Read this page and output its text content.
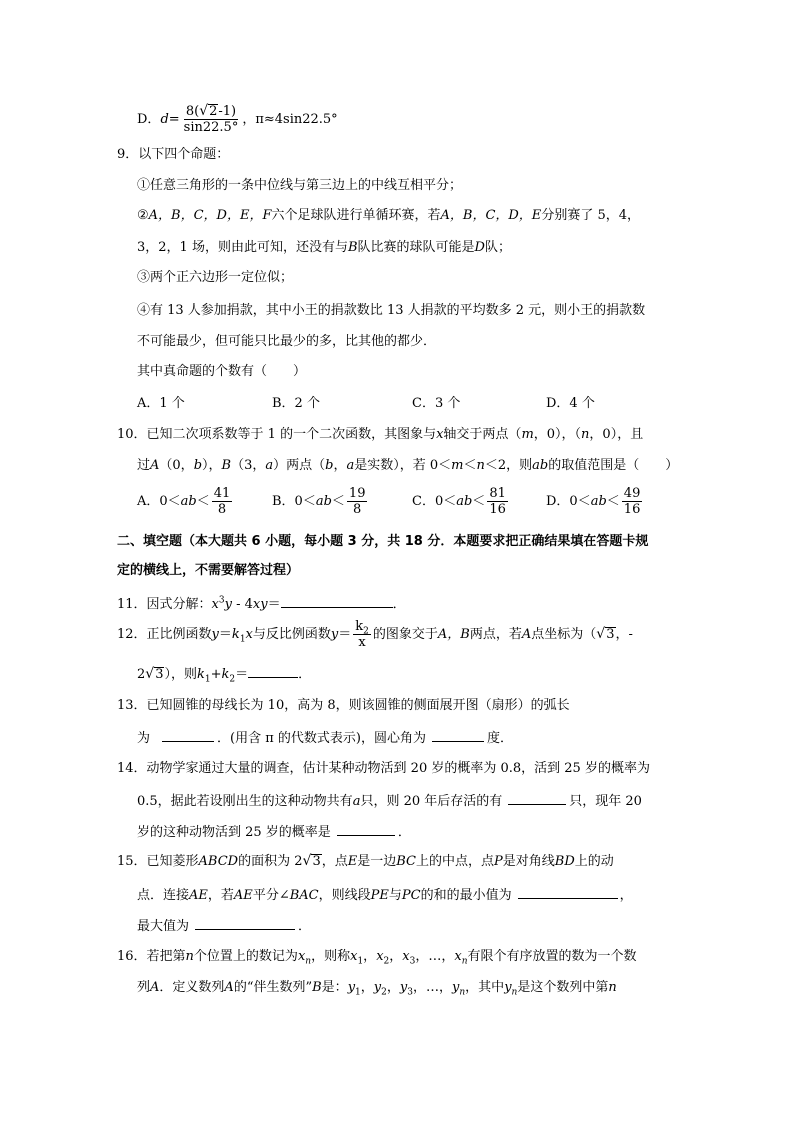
D．$d= \frac{8( √ 2 -1)}{\sin 22.5^\circ}$ ，π≈4sin22.5°
9．以下四个命题：
①任意三角形的一条中位线与第三边上的中线互相平分；
②A，B，C，D，E，F六个足球队进行单循环赛，若A，B，C，D，E分别赛了 5，4，
3，2，1 场，则由此可知，还没有与B队比赛的球队可能是D队；
③两个正六边形一定位似；
④有 13 人参加捐款，其中小王的捐款数比 13 人捐款的平均数多 2 元，则小王的捐款数
不可能最少，但可能只比最少的多，比其他的都少．
其中真命题的个数有（　　）
A．1 个	B．2 个	C．3 个	D．4 个
10．已知二次项系数等于 1 的一个二次函数，其图象与x轴交于两点（m，0），（n，0），且
过A（0，b），B（3，a）两点（b，a是实数），若 0＜m＜n＜2，则ab的取值范围是（　　）
A．$0<ab< \frac{41}{8}$	B．$0<ab< \frac{19}{8}$	C．$0<ab< \frac{81}{16}$	D．$0<ab< \frac{49}{16}$
二、填空题（本大题共 6 小题，每小题 3 分，共 18 分．本题要求把正确结果填在答题卡规
定的横线上，不需要解答过程）
11．因式分解：$x^3y - 4xy=$	．
12．正比例函数$y=k_1x$与反比例函数$y= \frac{k_2}{x}$ 的图象交于A，B两点，若A点坐标为（ √ 3 ，-
2 √ 3 ），则$k_1+k_2=$	．
13．已知圆锥的母线长为 10，高为 8，则该圆锥的侧面展开图（扇形）的弧长
为	．(用含 π 的代数式表示)，圆心角为	度．
14．动物学家通过大量的调查，估计某种动物活到 20 岁的概率为 0.8，活到 25 岁的概率为
0.5，据此若设刚出生的这种动物共有a只，则 20 年后存活的有	只，现年 20
岁的这种动物活到 25 岁的概率是	．
15．已知菱形ABCD的面积为 2 √ 3 ，点E是一边BC上的中点，点P是对角线BD上的动
点．连接AE，若AE平分∠BAC，则线段PE与PC的和的最小值为	，
最大值为	．
16．若把第n个位置上的数记为$x_n$，则称$x_1$，$x_2$，$x_3$，…，$x_n$有限个有序放置的数为一个数
列A．定义数列A的“伴生数列”B是：$y_1$，$y_2$，$y_3$，…，$y_n$，其中$y_n$是这个数列中第n
